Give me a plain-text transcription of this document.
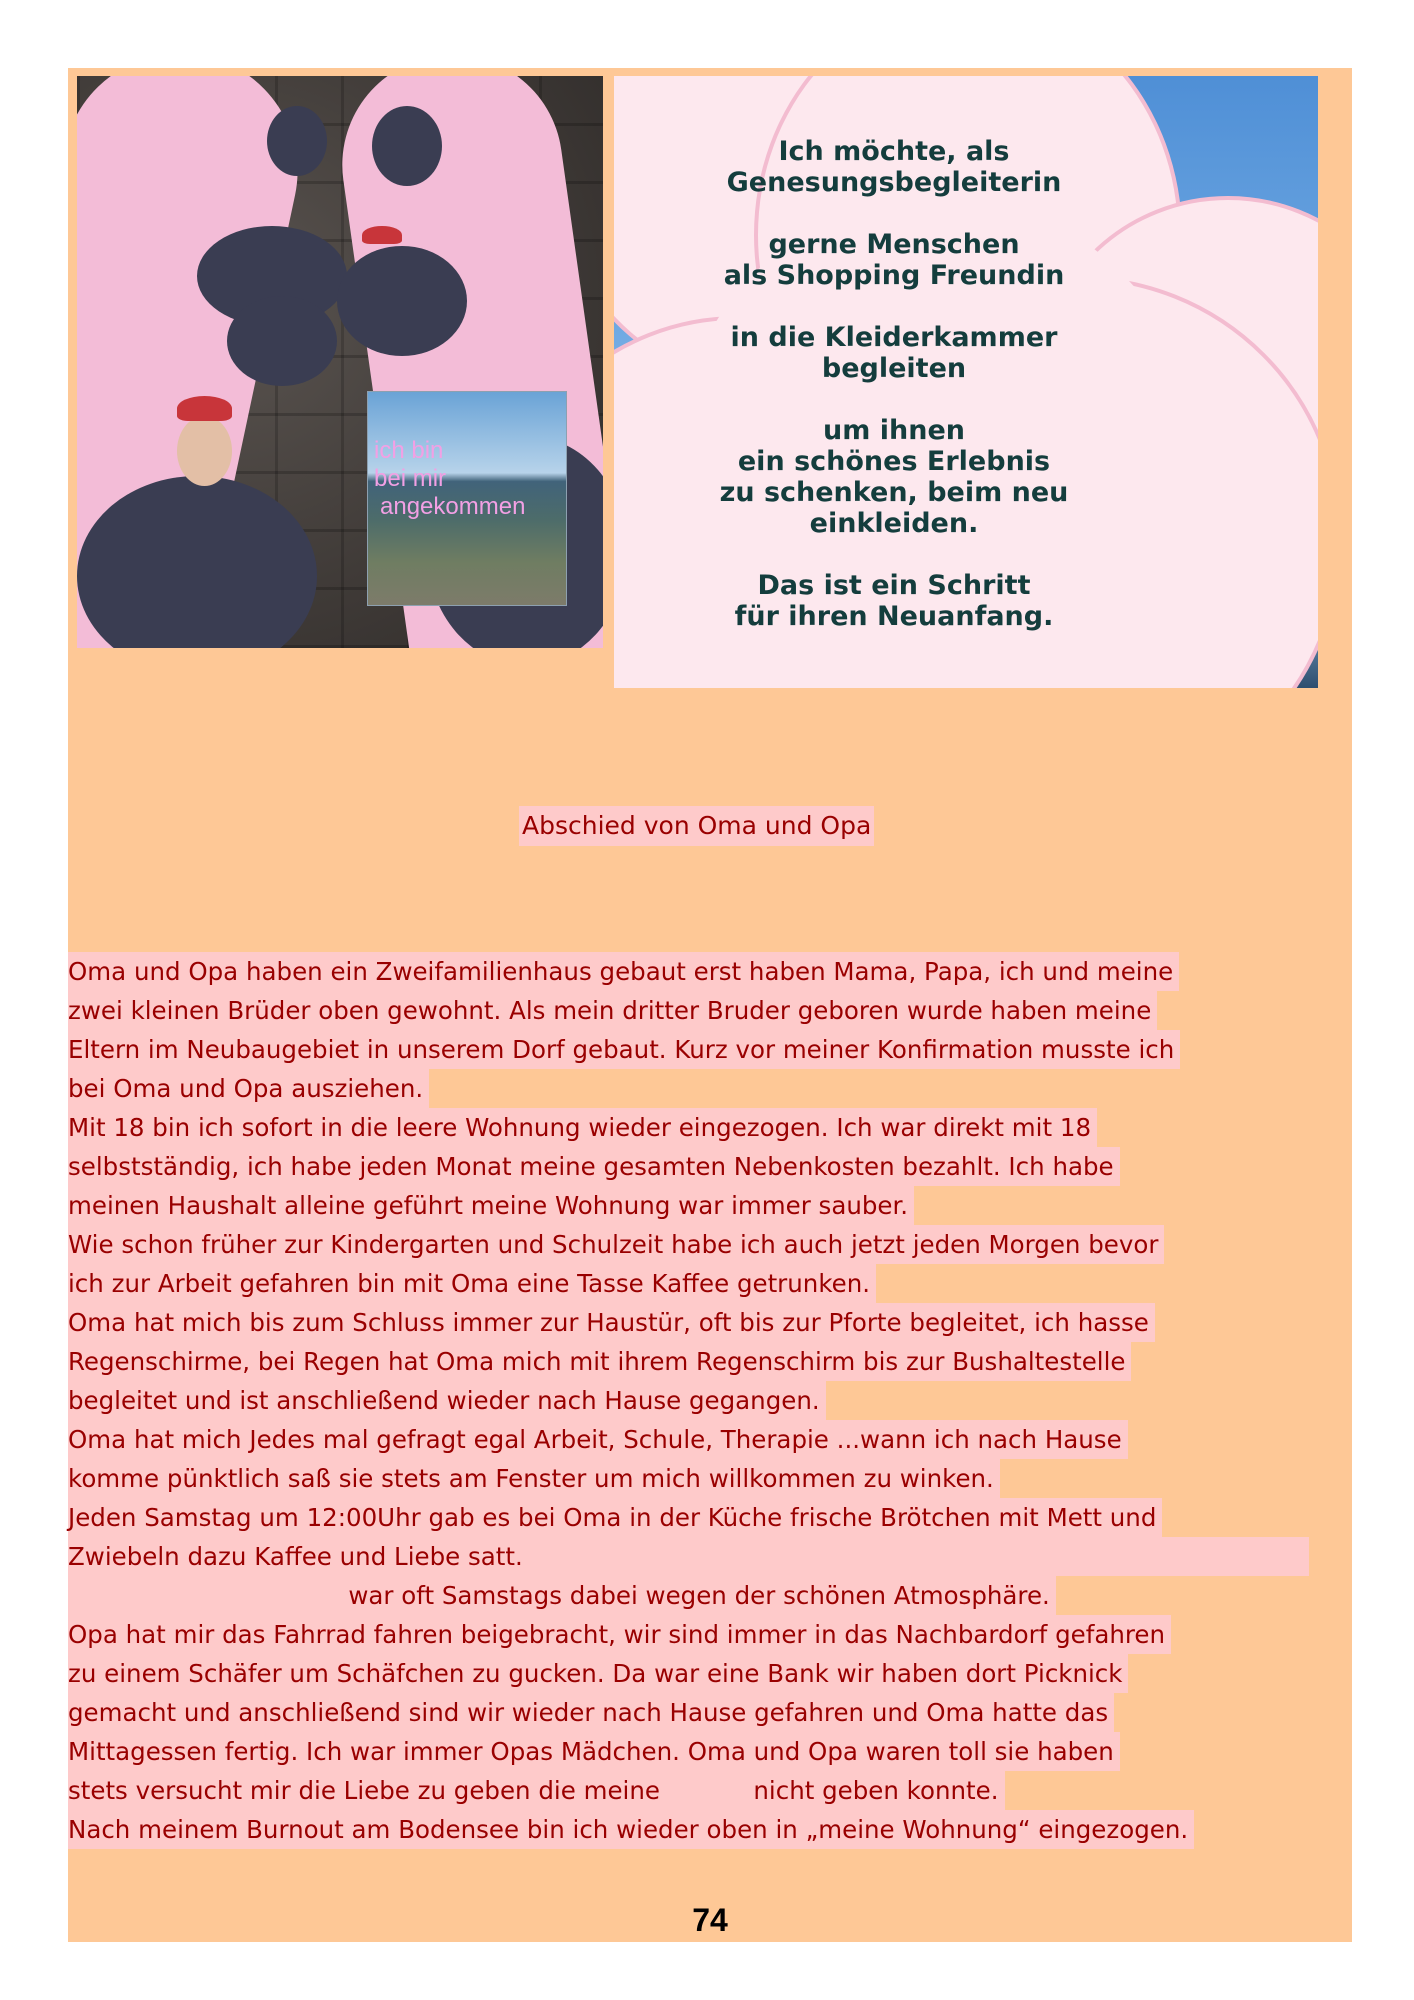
ich bin
bei mir
angekommen
Ich möchte, als
Genesungsbegleiterin
gerne Menschen
als Shopping Freundin
in die Kleiderkammer
begleiten
um ihnen
ein schönes Erlebnis
zu schenken, beim neu
einkleiden.
Das ist ein Schritt
für ihren Neuanfang.
Abschied von Oma und Opa
Oma und Opa haben ein Zweifamilienhaus gebaut erst haben Mama, Papa, ich und meine
zwei kleinen Brüder oben gewohnt. Als mein dritter Bruder geboren wurde haben meine
Eltern im Neubaugebiet in unserem Dorf gebaut. Kurz vor meiner Konfirmation musste ich
bei Oma und Opa ausziehen.
Mit 18 bin ich sofort in die leere Wohnung wieder eingezogen. Ich war direkt mit 18
selbstständig, ich habe jeden Monat meine gesamten Nebenkosten bezahlt. Ich habe
meinen Haushalt alleine geführt meine Wohnung war immer sauber.
Wie schon früher zur Kindergarten und Schulzeit habe ich auch jetzt jeden Morgen bevor
ich zur Arbeit gefahren bin mit Oma eine Tasse Kaffee getrunken.
Oma hat mich bis zum Schluss immer zur Haustür, oft bis zur Pforte begleitet, ich hasse
Regenschirme, bei Regen hat Oma mich mit ihrem Regenschirm bis zur Bushaltestelle
begleitet und ist anschließend wieder nach Hause gegangen.
Oma hat mich Jedes mal gefragt egal Arbeit, Schule, Therapie ...wann ich nach Hause
komme pünktlich saß sie stets am Fenster um mich willkommen zu winken.
Jeden Samstag um 12:00Uhr gab es bei Oma in der Küche frische Brötchen mit Mett und
Zwiebeln dazu Kaffee und Liebe satt.
war oft Samstags dabei wegen der schönen Atmosphäre.
Opa hat mir das Fahrrad fahren beigebracht, wir sind immer in das Nachbardorf gefahren
zu einem Schäfer um Schäfchen zu gucken. Da war eine Bank wir haben dort Picknick
gemacht und anschließend sind wir wieder nach Hause gefahren und Oma hatte das
Mittagessen fertig. Ich war immer Opas Mädchen. Oma und Opa waren toll sie haben
stets versucht mir die Liebe zu geben die meine            nicht geben konnte.
Nach meinem Burnout am Bodensee bin ich wieder oben in „meine Wohnung“ eingezogen.
74
